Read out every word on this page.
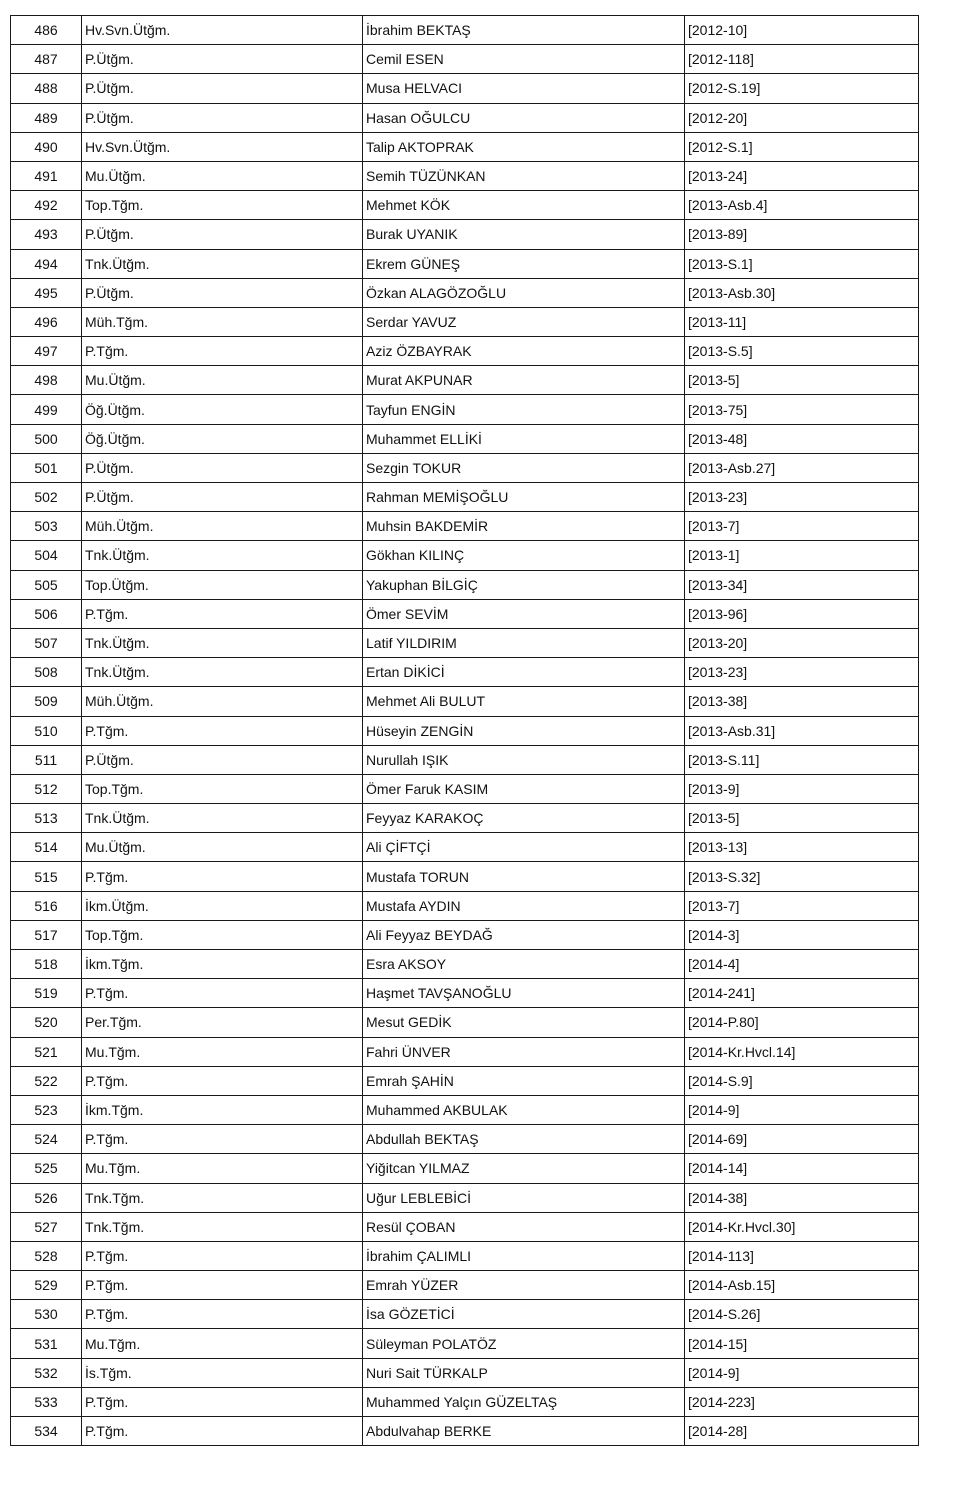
486	Hv.Svn.Ütğm.	İbrahim BEKTAŞ	[2012-10]
487	P.Ütğm.	Cemil ESEN	[2012-118]
488	P.Ütğm.	Musa HELVACI	[2012-S.19]
489	P.Ütğm.	Hasan OĞULCU	[2012-20]
490	Hv.Svn.Ütğm.	Talip AKTOPRAK	[2012-S.1]
491	Mu.Ütğm.	Semih TÜZÜNKAN	[2013-24]
492	Top.Tğm.	Mehmet KÖK	[2013-Asb.4]
493	P.Ütğm.	Burak UYANIK	[2013-89]
494	Tnk.Ütğm.	Ekrem GÜNEŞ	[2013-S.1]
495	P.Ütğm.	Özkan ALAGÖZOĞLU	[2013-Asb.30]
496	Müh.Tğm.	Serdar YAVUZ	[2013-11]
497	P.Tğm.	Aziz ÖZBAYRAK	[2013-S.5]
498	Mu.Ütğm.	Murat AKPUNAR	[2013-5]
499	Öğ.Ütğm.	Tayfun ENGİN	[2013-75]
500	Öğ.Ütğm.	Muhammet ELLİKİ	[2013-48]
501	P.Ütğm.	Sezgin TOKUR	[2013-Asb.27]
502	P.Ütğm.	Rahman MEMİŞOĞLU	[2013-23]
503	Müh.Ütğm.	Muhsin BAKDEMİR	[2013-7]
504	Tnk.Ütğm.	Gökhan KILINÇ	[2013-1]
505	Top.Ütğm.	Yakuphan BİLGİÇ	[2013-34]
506	P.Tğm.	Ömer SEVİM	[2013-96]
507	Tnk.Ütğm.	Latif YILDIRIM	[2013-20]
508	Tnk.Ütğm.	Ertan DİKİCİ	[2013-23]
509	Müh.Ütğm.	Mehmet Ali BULUT	[2013-38]
510	P.Tğm.	Hüseyin ZENGİN	[2013-Asb.31]
511	P.Ütğm.	Nurullah IŞIK	[2013-S.11]
512	Top.Tğm.	Ömer Faruk KASIM	[2013-9]
513	Tnk.Ütğm.	Feyyaz KARAKOÇ	[2013-5]
514	Mu.Ütğm.	Ali ÇİFTÇİ	[2013-13]
515	P.Tğm.	Mustafa TORUN	[2013-S.32]
516	İkm.Ütğm.	Mustafa AYDIN	[2013-7]
517	Top.Tğm.	Ali Feyyaz BEYDAĞ	[2014-3]
518	İkm.Tğm.	Esra AKSOY	[2014-4]
519	P.Tğm.	Haşmet TAVŞANOĞLU	[2014-241]
520	Per.Tğm.	Mesut GEDİK	[2014-P.80]
521	Mu.Tğm.	Fahri ÜNVER	[2014-Kr.Hvcl.14]
522	P.Tğm.	Emrah ŞAHİN	[2014-S.9]
523	İkm.Tğm.	Muhammed AKBULAK	[2014-9]
524	P.Tğm.	Abdullah BEKTAŞ	[2014-69]
525	Mu.Tğm.	Yiğitcan YILMAZ	[2014-14]
526	Tnk.Tğm.	Uğur LEBLEBİCİ	[2014-38]
527	Tnk.Tğm.	Resül ÇOBAN	[2014-Kr.Hvcl.30]
528	P.Tğm.	İbrahim ÇALIMLI	[2014-113]
529	P.Tğm.	Emrah YÜZER	[2014-Asb.15]
530	P.Tğm.	İsa GÖZETİCİ	[2014-S.26]
531	Mu.Tğm.	Süleyman POLATÖZ	[2014-15]
532	İs.Tğm.	Nuri Sait TÜRKALP	[2014-9]
533	P.Tğm.	Muhammed Yalçın GÜZELTAŞ	[2014-223]
534	P.Tğm.	Abdulvahap BERKE	[2014-28]
